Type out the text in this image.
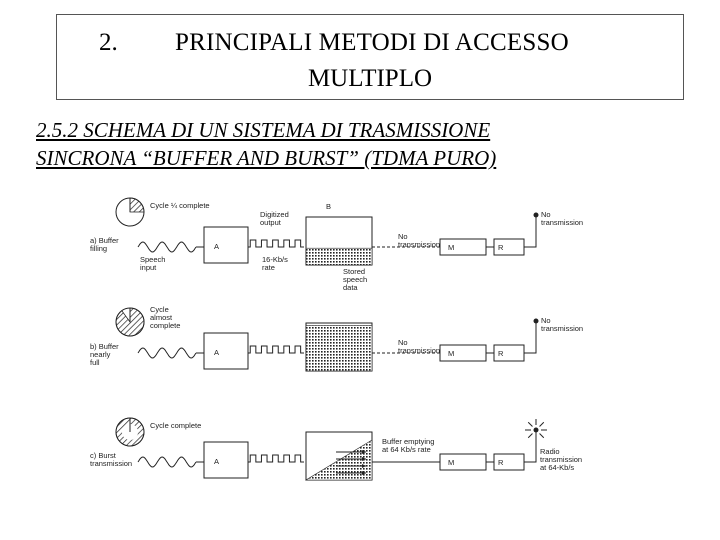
2. PRINCIPALI METODI DI ACCESSO
MULTIPLO
2.5.2 SCHEMA DI UN SISTEMA DI TRASMISSIONE
SINCRONA “BUFFER AND BURST” (TDMA PURO)
a) Buffer filling
Cycle ¼ complete
Speech input
A
Digitized output
16-Kb/s rate
B
Stored speech data
No transmission M	R
No transmission
b) Buffer nearly full
Cycle almost complete
A
No transmission M	R
No transmission
c) Burst transmission
Cycle complete
A
Buffer emptying at 64 Kb/s rate
M	R
Radio transmission at 64-Kb/s
